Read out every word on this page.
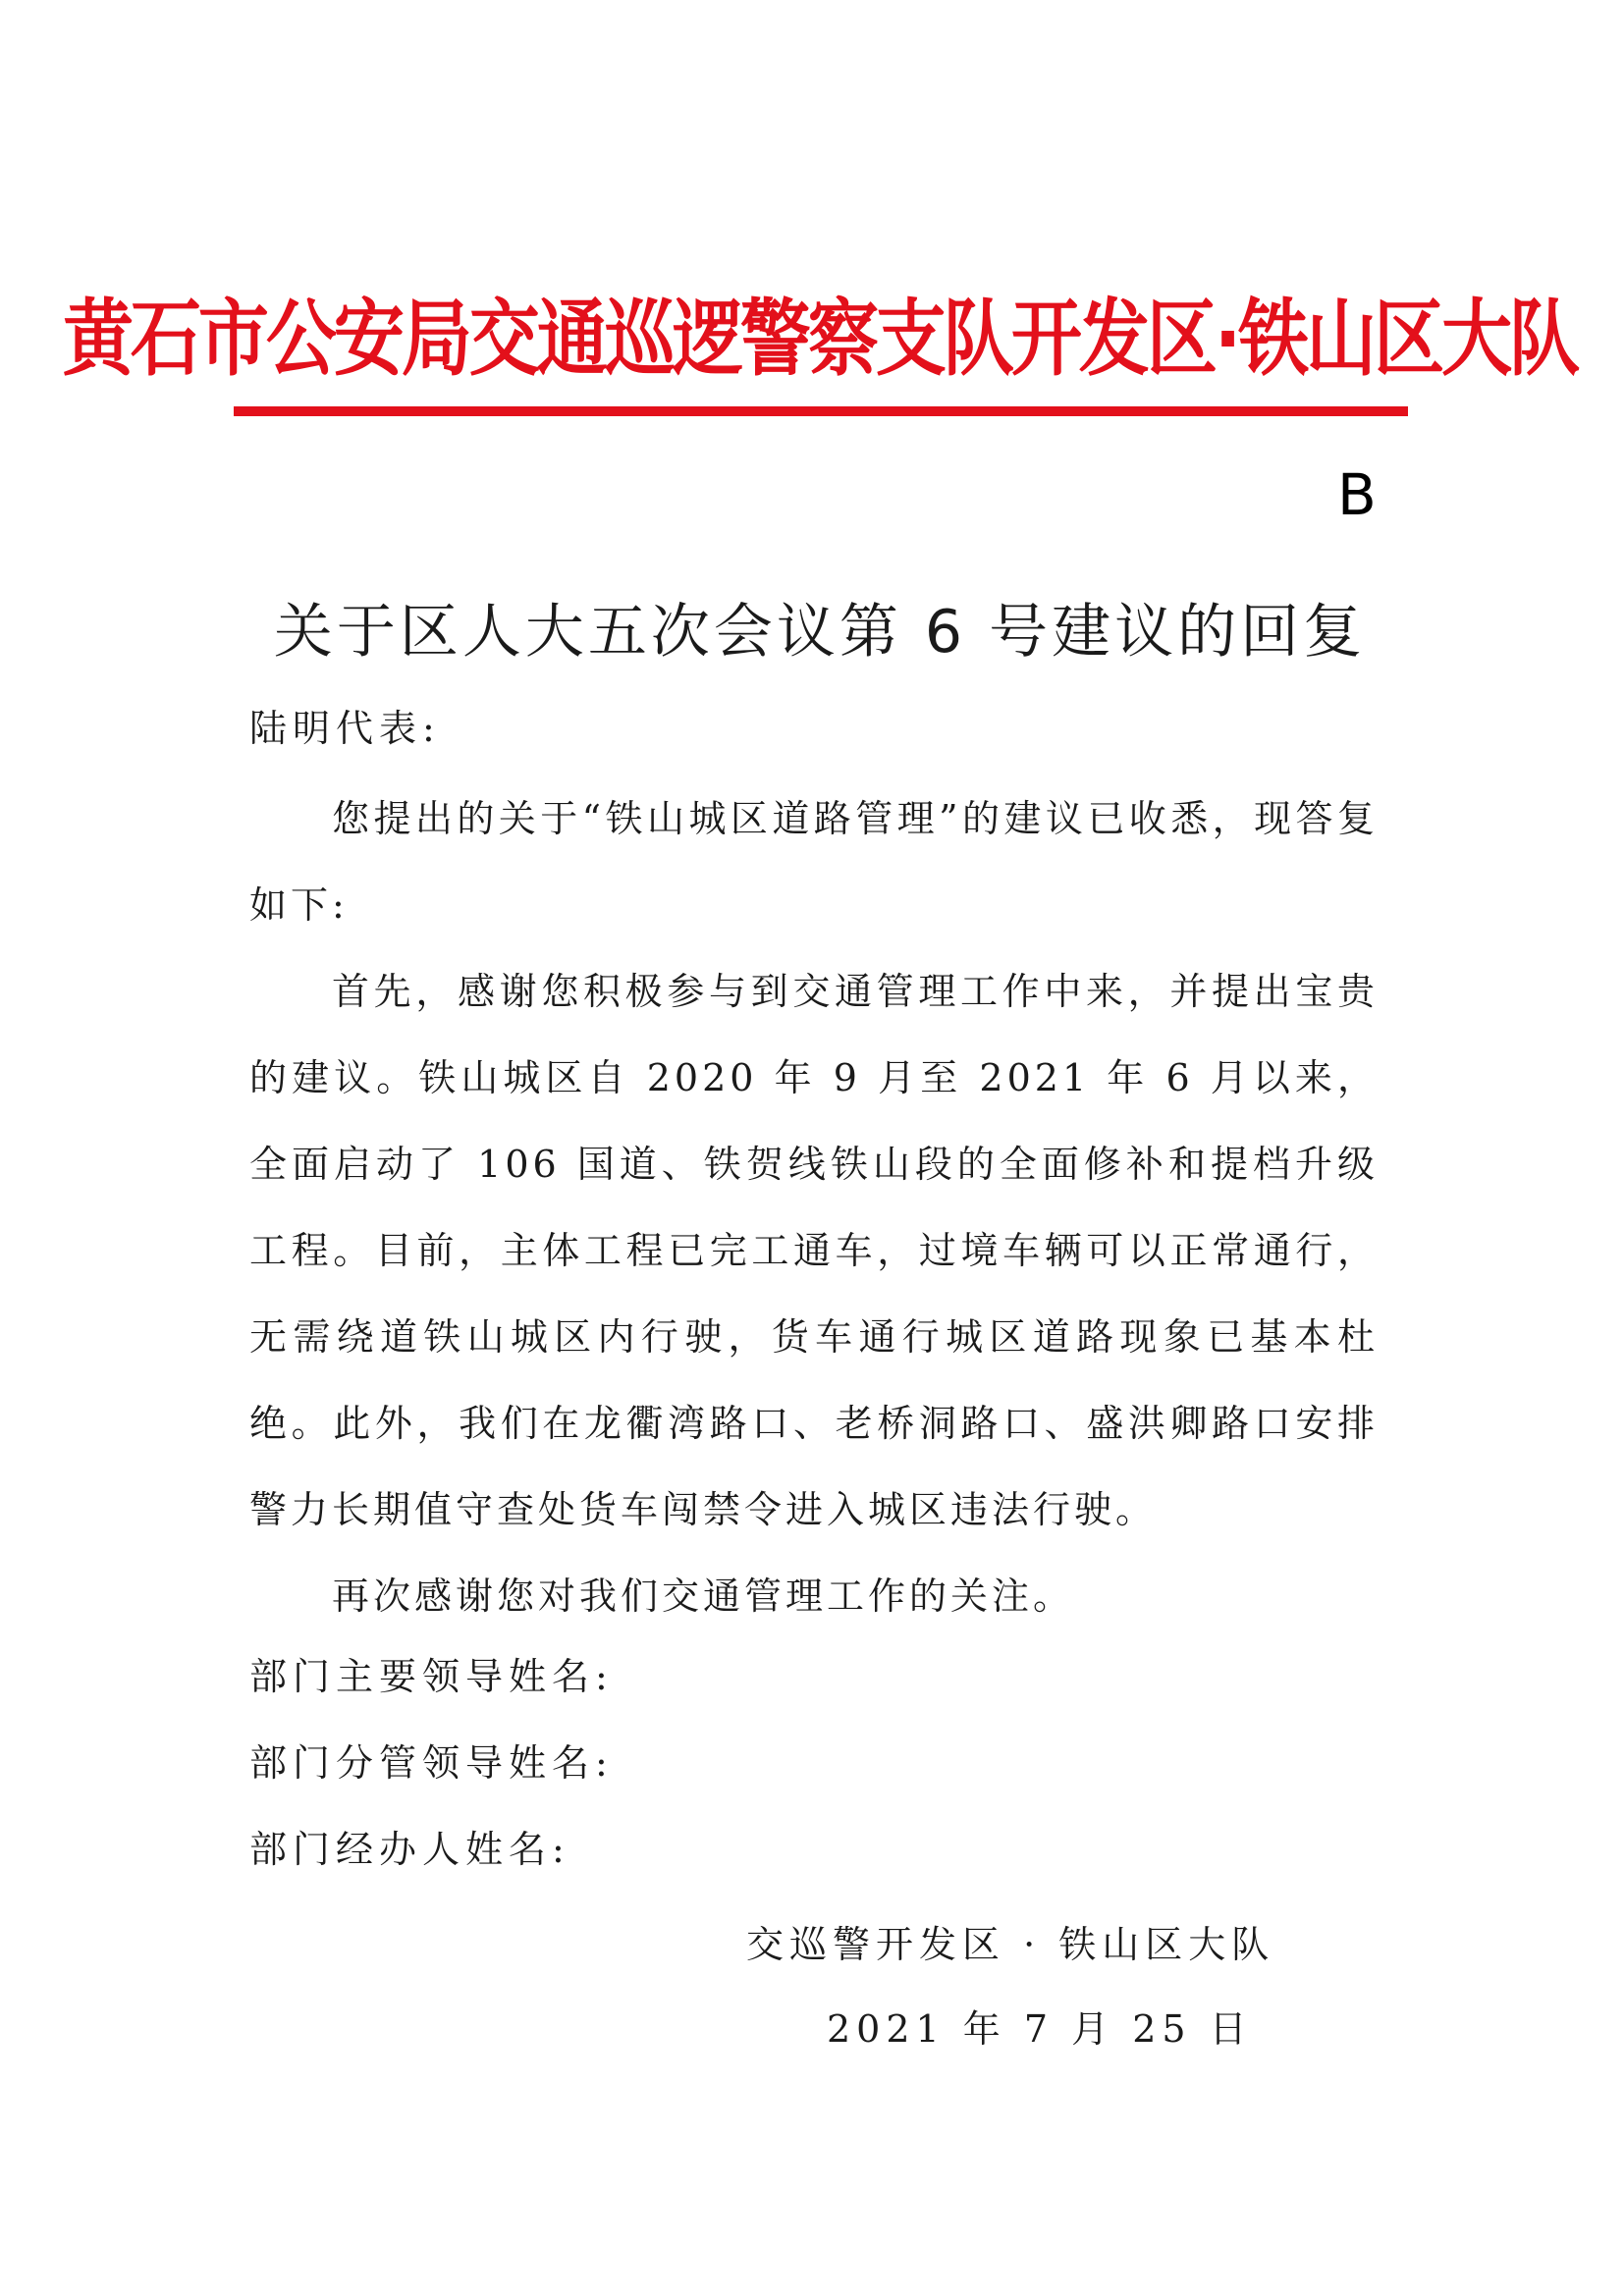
黄石市公安局交通巡逻警察支队开发区·铁山区大队
B
关于区人大五次会议第 6 号建议的回复
陆明代表:
您提出的关于“铁山城区道路管理”的建议已收悉，现答复如下:
首先，感谢您积极参与到交通管理工作中来，并提出宝贵的建议。铁山城区自 2020 年 9 月至 2021 年 6 月以来，全面启动了 106 国道、铁贺线铁山段的全面修补和提档升级工程。目前，主体工程已完工通车，过境车辆可以正常通行，无需绕道铁山城区内行驶，货车通行城区道路现象已基本杜绝。此外，我们在龙衢湾路口、老桥洞路口、盛洪卿路口安排警力长期值守查处货车闯禁令进入城区违法行驶。
再次感谢您对我们交通管理工作的关注。
部门主要领导姓名:
部门分管领导姓名:
部门经办人姓名:
交巡警开发区 · 铁山区大队
2021 年 7 月 25 日
